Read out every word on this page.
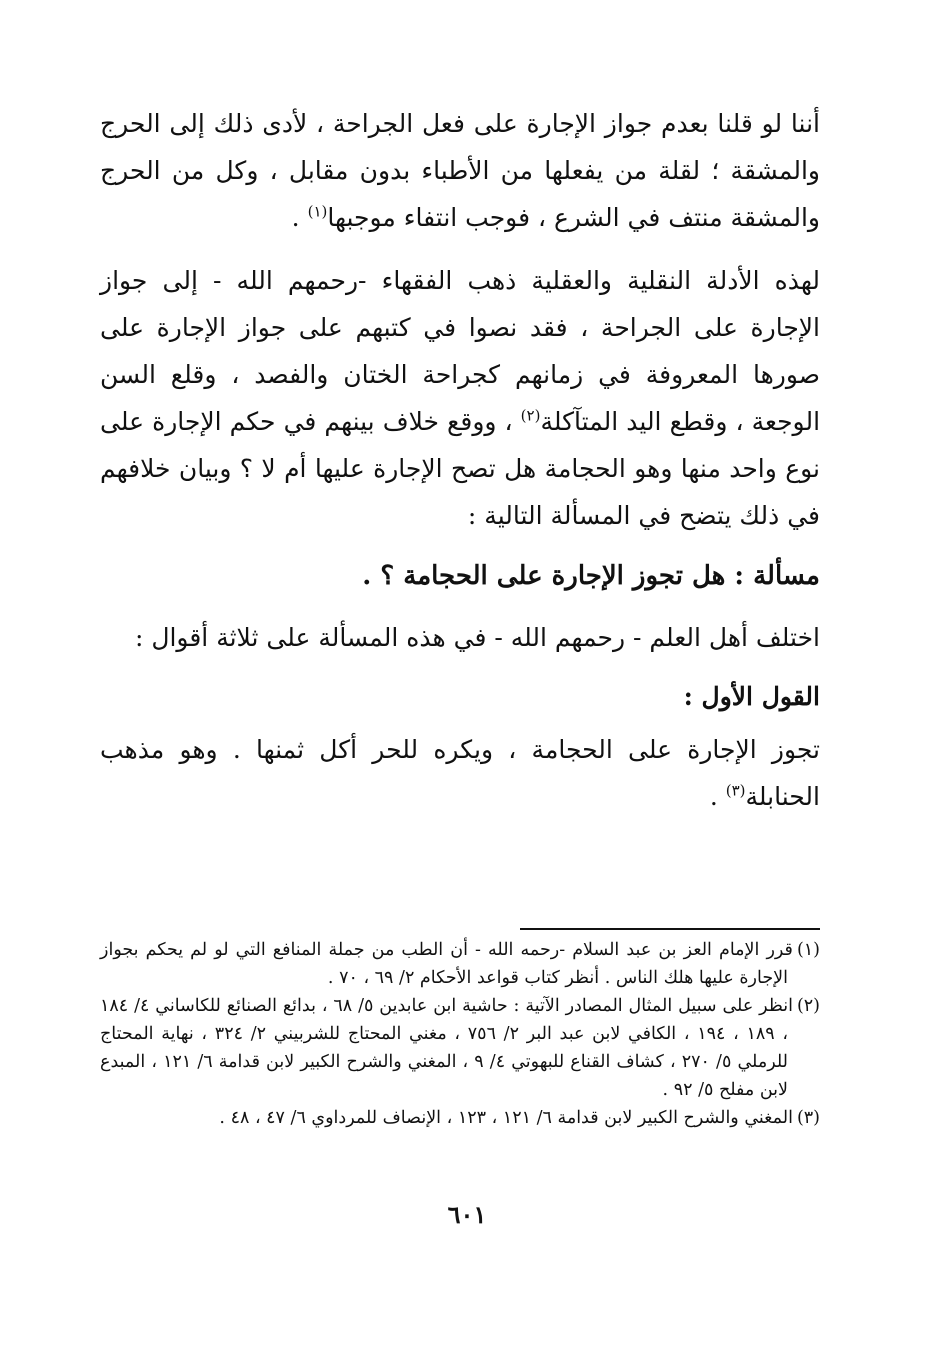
أننا لو قلنا بعدم جواز الإجارة على فعل الجراحة ، لأدى ذلك إلى الحرج والمشقة ؛ لقلة من يفعلها من الأطباء بدون مقابل ، وكل من الحرج والمشقة منتف في الشرع ، فوجب انتفاء موجبها$^{(١)}$ .

لهذه الأدلة النقلية والعقلية ذهب الفقهاء -رحمهم الله - إلى جواز الإجارة على الجراحة ، فقد نصوا في كتبهم على جواز الإجارة على صورها المعروفة في زمانهم كجراحة الختان والفصد ، وقلع السن الوجعة ، وقطع اليد المتآكلة$^{(٢)}$ ، ووقع خلاف بينهم في حكم الإجارة على نوع واحد منها وهو الحجامة هل تصح الإجارة عليها أم لا ؟ وبيان خلافهم في ذلك يتضح في المسألة التالية :

مسألة : هل تجوز الإجارة على الحجامة ؟ .

اختلف أهل العلم - رحمهم الله - في هذه المسألة على ثلاثة أقوال :

القول الأول :

تجوز الإجارة على الحجامة ، ويكره للحر أكل ثمنها . وهو مذهب الحنابلة$^{(٣)}$ .

(١)قرر الإمام العز بن عبد السلام -رحمه الله - أن الطب من جملة المنافع التي لو لم يحكم بجواز الإجارة عليها هلك الناس . أنظر كتاب قواعد الأحكام ٢/ ٦٩ ، ٧٠ .

(٢)انظر على سبيل المثال المصادر الآتية : حاشية ابن عابدين ٥/ ٦٨ ، بدائع الصنائع للكاساني ٤/ ١٨٤ ، ١٨٩ ، ١٩٤ ، الكافي لابن عبد البر ٢/ ٧٥٦ ، مغني المحتاج للشربيني ٢/ ٣٢٤ ، نهاية المحتاج للرملي ٥/ ٢٧٠ ، كشاف القناع للبهوتي ٤/ ٩ ، المغني والشرح الكبير لابن قدامة ٦/ ١٢١ ، المبدع لابن مفلح ٥/ ٩٢ .

(٣)المغني والشرح الكبير لابن قدامة ٦/ ١٢١ ، ١٢٣ ، الإنصاف للمرداوي ٦/ ٤٧ ، ٤٨ .

٦٠١
